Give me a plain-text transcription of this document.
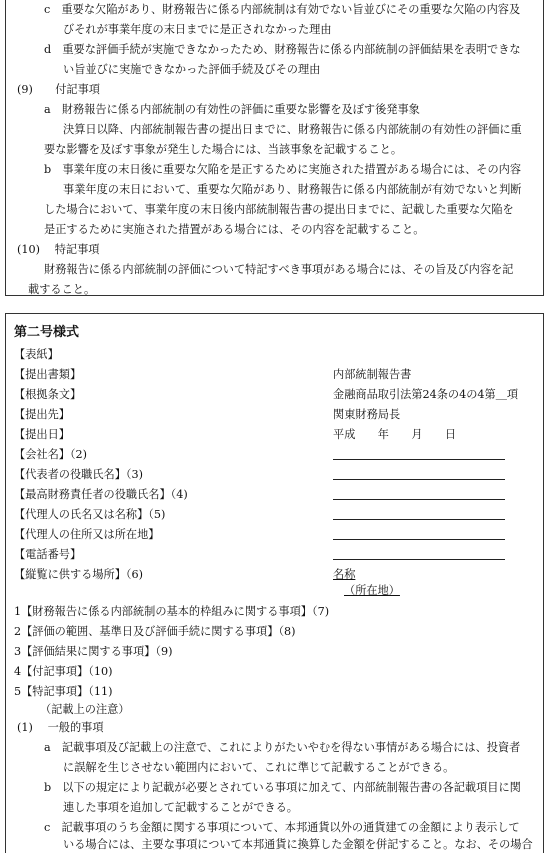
c　重要な欠陥があり、財務報告に係る内部統制は有効でない旨並びにその重要な欠陥の内容及
びそれが事業年度の末日までに是正されなかった理由
d　重要な評価手続が実施できなかったため、財務報告に係る内部統制の評価結果を表明できな
い旨並びに実施できなかった評価手続及びその理由
(9)　　付記事項
a　財務報告に係る内部統制の有効性の評価に重要な影響を及ぼす後発事象
決算日以降、内部統制報告書の提出日までに、財務報告に係る内部統制の有効性の評価に重
要な影響を及ぼす事象が発生した場合には、当該事象を記載すること。
b　事業年度の末日後に重要な欠陥を是正するために実施された措置がある場合には、その内容
事業年度の末日において、重要な欠陥があり、財務報告に係る内部統制が有効でないと判断
した場合において、事業年度の末日後内部統制報告書の提出日までに、記載した重要な欠陥を
是正するために実施された措置がある場合には、その内容を記載すること。
(10)　 特記事項
財務報告に係る内部統制の評価について特記すべき事項がある場合には、その旨及び内容を記
載すること。
第二号様式
【表紙】
【提出書類】	内部統制報告書
【根拠条文】	金融商品取引法第24条の4の4第＿項
【提出先】	関東財務局長
【提出日】	平成　　年　　月　　日
【会社名】（2)
【代表者の役職氏名】（3)
【最高財務責任者の役職氏名】（4)
【代理人の氏名又は名称】（5)
【代理人の住所又は所在地】
【電話番号】
【縦覧に供する場所】（6)	名称
（所在地）
1【財務報告に係る内部統制の基本的枠組みに関する事項】（7)
2【評価の範囲、基準日及び評価手続に関する事項】（8)
3【評価結果に関する事項】（9)
4【付記事項】（10)
5【特記事項】（11)
（記載上の注意）
(1)　 一般的事項
a　記載事項及び記載上の注意で、これによりがたいやむを得ない事情がある場合には、投資者
に誤解を生じさせない範囲内において、これに準じて記載することができる。
b　以下の規定により記載が必要とされている事項に加えて、内部統制報告書の各記載項目に関
連した事項を追加して記載することができる。
c　記載事項のうち金額に関する事項について、本邦通貨以外の通貨建ての金額により表示して
いる場合には、主要な事項について本邦通貨に換算した金額を併記すること。なお、その場合
